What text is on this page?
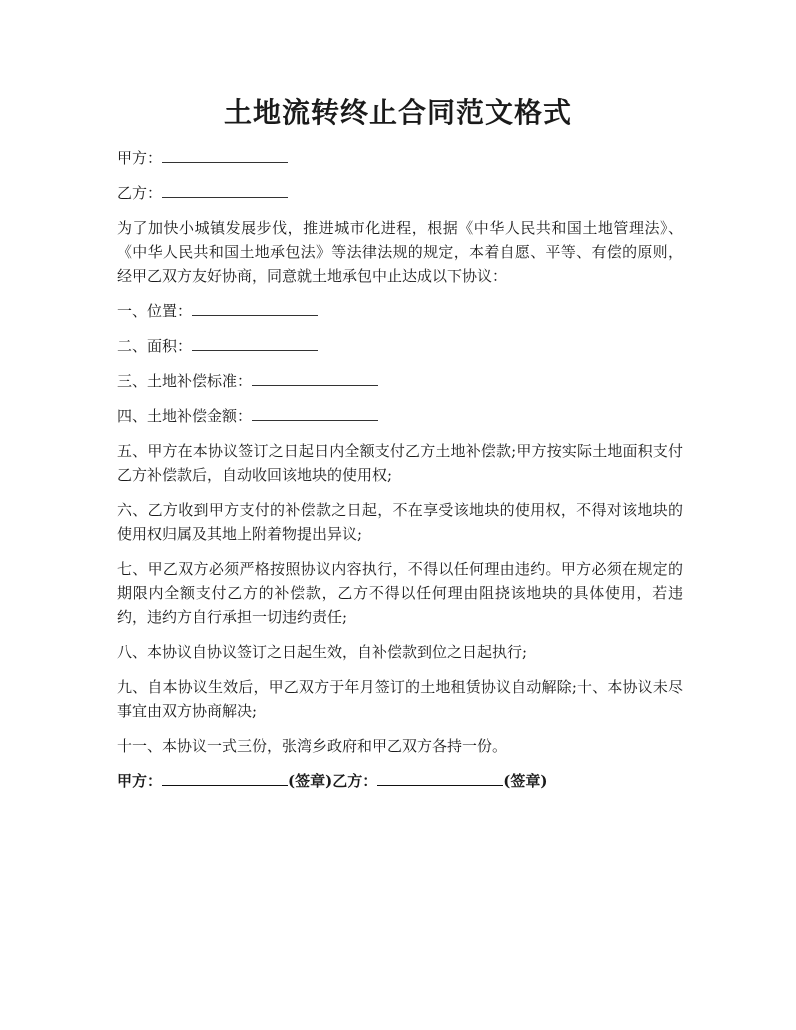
土地流转终止合同范文格式

甲方：

乙方：

为了加快小城镇发展步伐，推进城市化进程，根据《中华人民共和国土地管理法》、《中华人民共和国土地承包法》等法律法规的规定，本着自愿、平等、有偿的原则，经甲乙双方友好协商，同意就土地承包中止达成以下协议：

一、位置：

二、面积：

三、土地补偿标准：

四、土地补偿金额：

五、甲方在本协议签订之日起日内全额支付乙方土地补偿款;甲方按实际土地面积支付乙方补偿款后，自动收回该地块的使用权;

六、乙方收到甲方支付的补偿款之日起，不在享受该地块的使用权，不得对该地块的使用权归属及其地上附着物提出异议;

七、甲乙双方必须严格按照协议内容执行，不得以任何理由违约。甲方必须在规定的期限内全额支付乙方的补偿款，乙方不得以任何理由阻挠该地块的具体使用，若违约，违约方自行承担一切违约责任;

八、本协议自协议签订之日起生效，自补偿款到位之日起执行;

九、自本协议生效后，甲乙双方于年月签订的土地租赁协议自动解除;十、本协议未尽事宜由双方协商解决;

十一、本协议一式三份，张湾乡政府和甲乙双方各持一份。

甲方：	(签章)乙方：	(签章)
